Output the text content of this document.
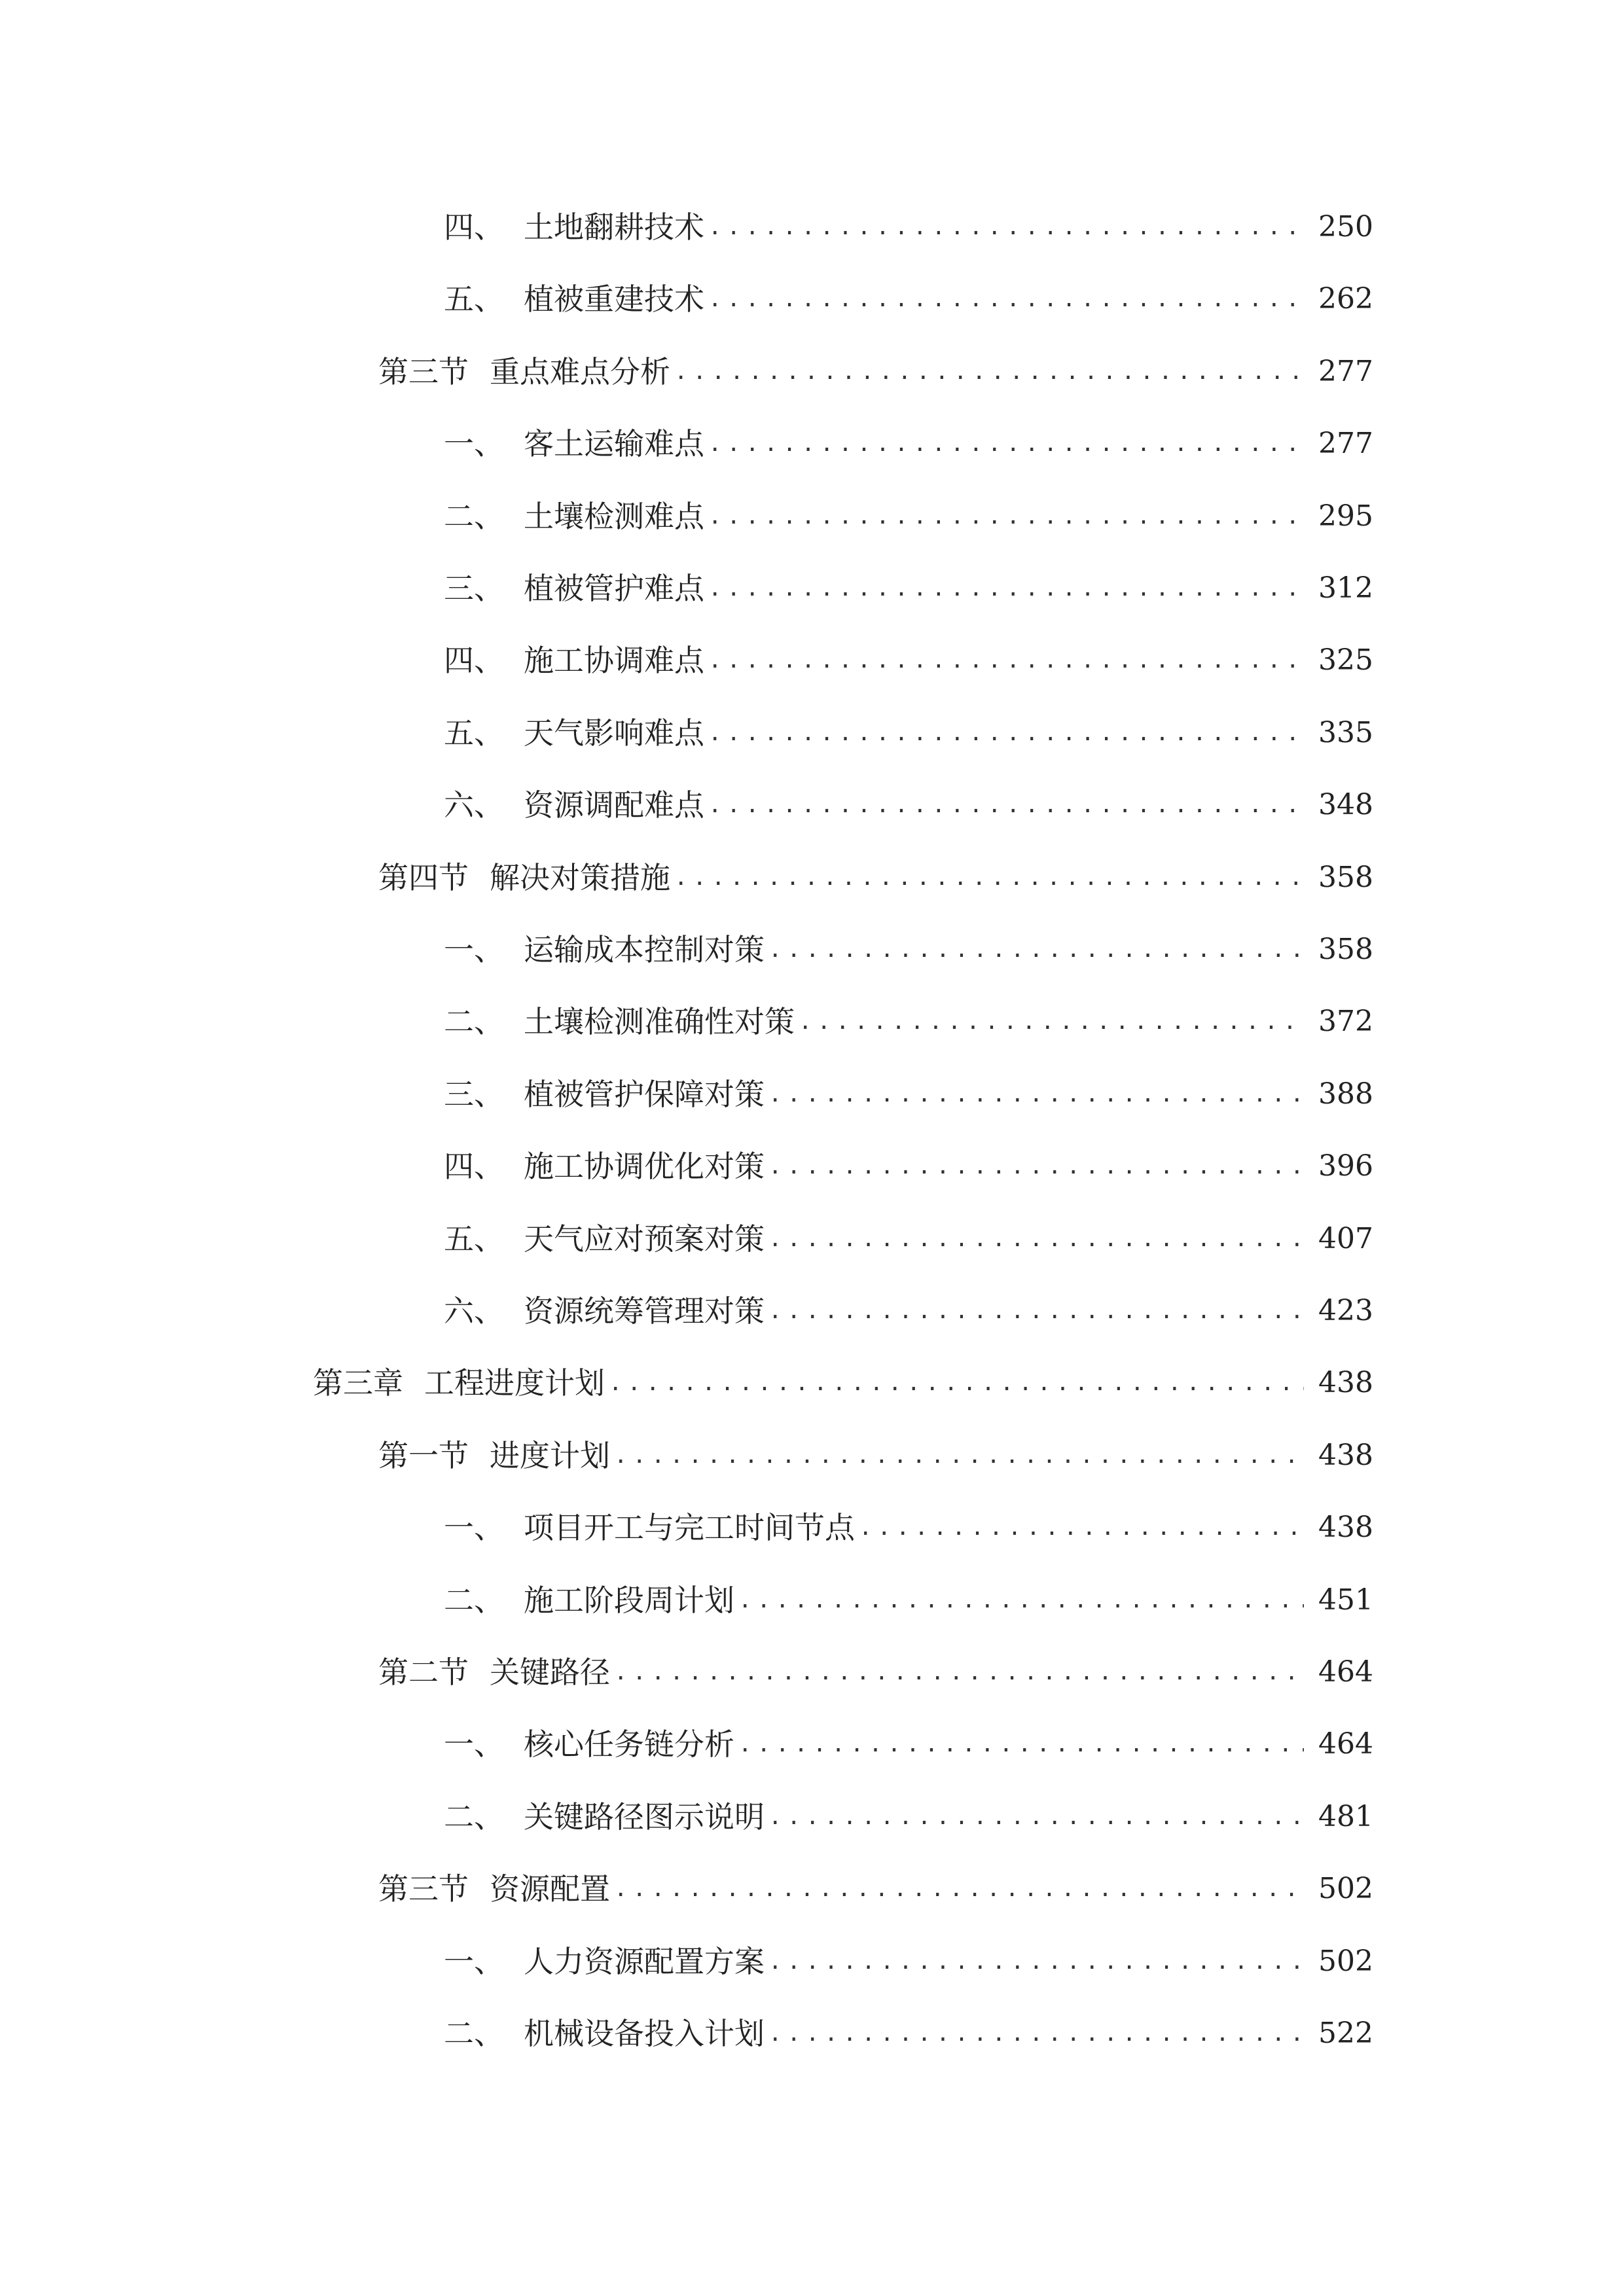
四、 土地翻耕技术 .....	250
五、 植被重建技术 .....	262
第三节 重点难点分析 .....	277
一、 客土运输难点 .....	277
二、 土壤检测难点 .....	295
三、 植被管护难点 .....	312
四、 施工协调难点 .....	325
五、 天气影响难点 .....	335
六、 资源调配难点 .....	348
第四节 解决对策措施 .....	358
一、 运输成本控制对策 .....	358
二、 土壤检测准确性对策 .....	372
三、 植被管护保障对策 .....	388
四、 施工协调优化对策 .....	396
五、 天气应对预案对策 .....	407
六、 资源统筹管理对策 .....	423
第三章 工程进度计划 .....	438
第一节 进度计划 .....	438
一、 项目开工与完工时间节点 .....	438
二、 施工阶段周计划 .....	451
第二节 关键路径 .....	464
一、 核心任务链分析 .....	464
二、 关键路径图示说明 .....	481
第三节 资源配置 .....	502
一、 人力资源配置方案 .....	502
二、 机械设备投入计划 .....	522
